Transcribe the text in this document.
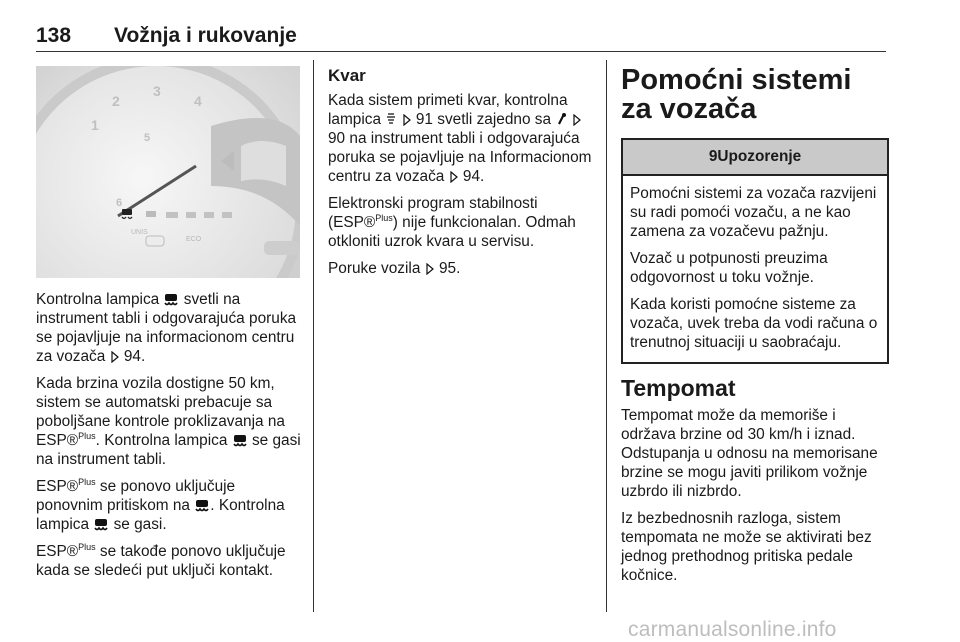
138 Vožnja i rukovanje
1
2
3
4
5
6
ECO
UNIS

Kontrolna lampica  svetli na instrument tabli i odgovarajuća poruka se pojavljuje na informacionom centru za vozača  94.

Kada brzina vozila dostigne 50 km, sistem se automatski prebacuje sa poboljšane kontrole proklizavanja na ESP®$^{Plus}$. Kontrolna lampica  se gasi na instrument tabli.

ESP®$^{Plus}$ se ponovo uključuje ponovnim pritiskom na . Kontrolna lampica  se gasi.

ESP®$^{Plus}$ se takođe ponovo uključuje kada se sledeći put uključi kontakt.

Kvar

Kada sistem primeti kvar, kontrolna lampica   91 svetli zajedno sa   90 na instrument tabli i odgovarajuća poruka se pojavljuje na Informacionom centru za vozača  94.

Elektronski program stabilnosti (ESP®$^{Plus}$) nije funkcionalan. Odmah otkloniti uzrok kvara u servisu.

Poruke vozila  95.

Pomoćni sistemi za vozača
9Upozorenje

Pomoćni sistemi za vozača razvijeni su radi pomoći vozaču, a ne kao zamena za vozačevu pažnju.

Vozač u potpunosti preuzima odgovornost u toku vožnje.

Kada koristi pomoćne sisteme za vozača, uvek treba da vodi računa o trenutnoj situaciji u saobraćaju.

Tempomat

Tempomat može da memoriše i održava brzine od 30 km/h i iznad. Odstupanja u odnosu na memorisane brzine se mogu javiti prilikom vožnje uzbrdo ili nizbrdo.

Iz bezbednosnih razloga, sistem tempomata ne može se aktivirati bez jednog prethodnog pritiska pedale kočnice.

carmanualsonline.info
